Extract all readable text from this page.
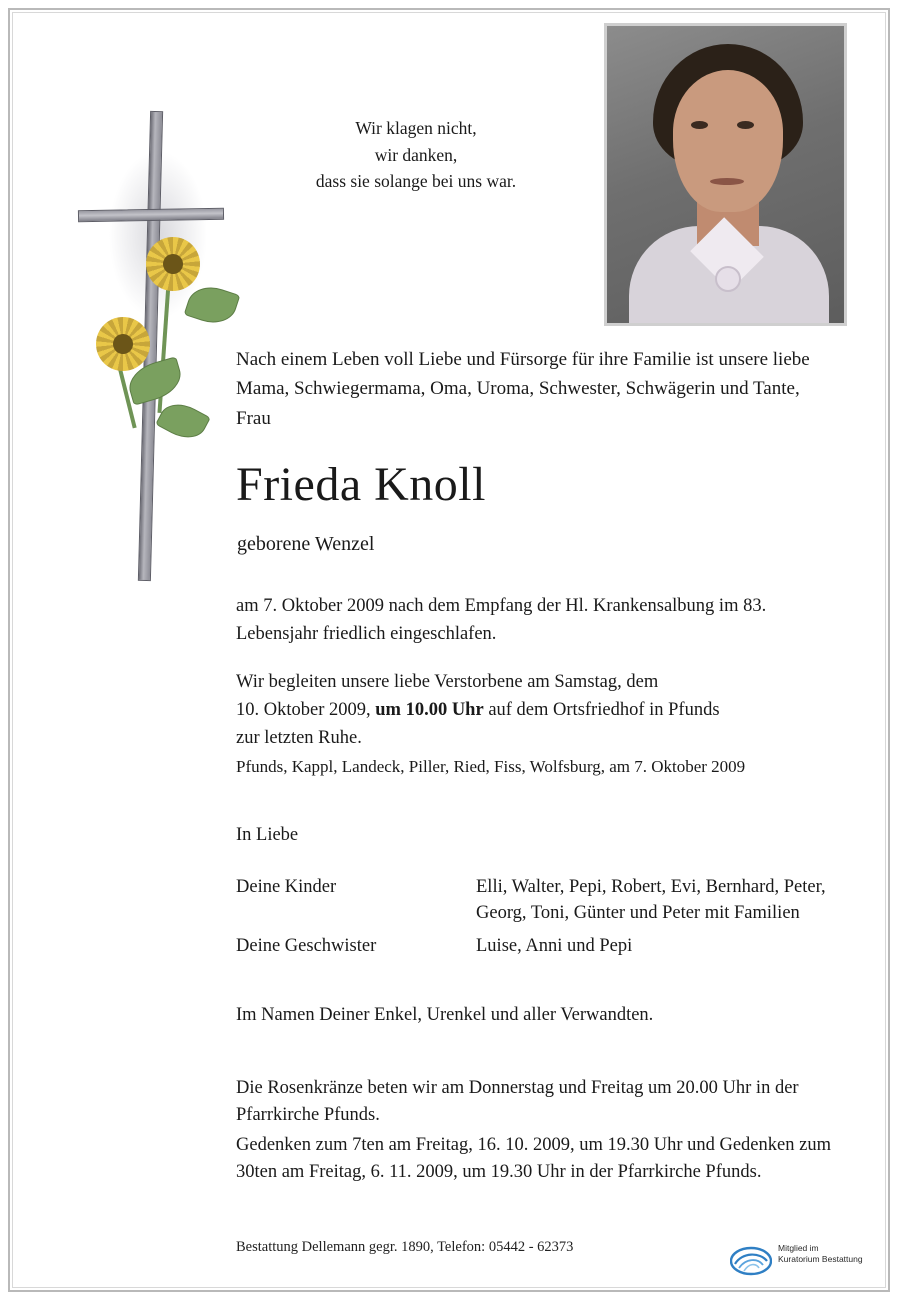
Wir klagen nicht,
wir danken,
dass sie solange bei uns war.
Nach einem Leben voll Liebe und Fürsorge für ihre Familie ist unsere liebe Mama, Schwiegermama, Oma, Uroma, Schwester, Schwägerin und Tante, Frau
Frieda Knoll
geborene Wenzel
am 7. Oktober 2009 nach dem Empfang der Hl. Krankensalbung im 83. Lebensjahr friedlich eingeschlafen.
Wir begleiten unsere liebe Verstorbene am Samstag, dem
10. Oktober 2009, um 10.00 Uhr auf dem Ortsfriedhof in Pfunds
zur letzten Ruhe.
Pfunds, Kappl, Landeck, Piller, Ried, Fiss, Wolfsburg, am 7. Oktober 2009
In Liebe
Deine Kinder	Elli, Walter, Pepi, Robert, Evi, Bernhard, Peter, Georg, Toni, Günter und Peter mit Familien
Deine Geschwister	Luise, Anni und Pepi
Im Namen Deiner Enkel, Urenkel und aller Verwandten.
Die Rosenkränze beten wir am Donnerstag und Freitag um 20.00 Uhr in der Pfarrkirche Pfunds.
Gedenken zum 7ten am Freitag, 16. 10. 2009, um 19.30 Uhr und Gedenken zum 30ten am Freitag, 6. 11. 2009, um 19.30 Uhr in der Pfarrkirche Pfunds.
Bestattung Dellemann gegr. 1890, Telefon: 05442 - 62373	Mitglied im
Kuratorium Bestattung
